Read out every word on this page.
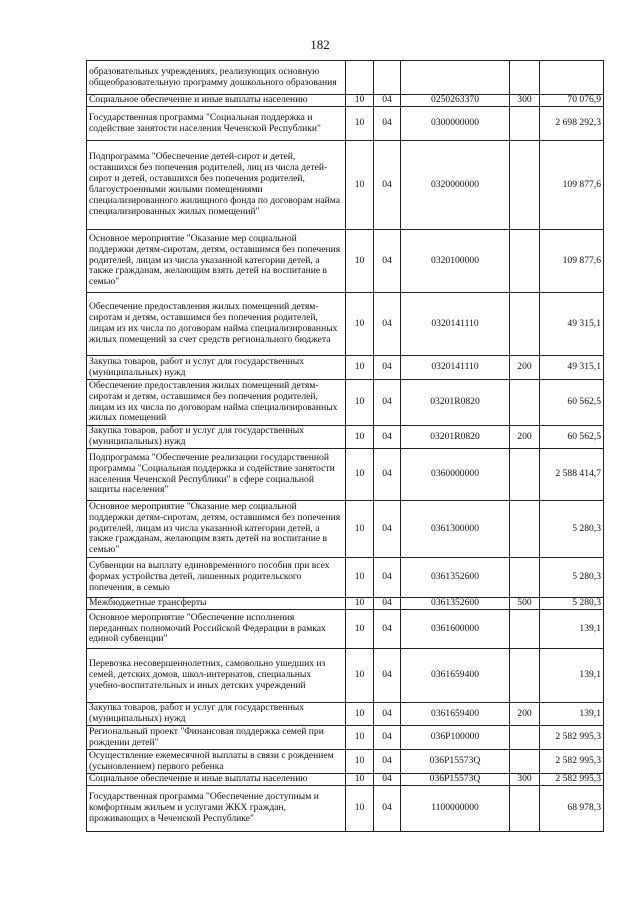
182
образовательных учреждениях, реализующих основную общеобразовательную программу дошкольного образования					
Социальное обеспечение и иные выплаты населению	10	04	0250263370	300	70 076,9
Государственная программа "Социальная поддержка и содействие занятости населения Чеченской Республики"	10	04	0300000000		2 698 292,3
Подпрограмма "Обеспечение детей-сирот и детей, оставшихся без попечения родителей, лиц из числа детей-сирот и детей, оставшихся без попечения родителей, благоустроенными жилыми помещениями специализированного жилищного фонда по договорам найма специализированных жилых помещений"	10	04	0320000000		109 877,6
Основное мероприятие "Оказание мер социальной поддержки детям-сиротам, детям, оставшимся без попечения родителей, лицам из числа указанной категории детей, а также гражданам, желающим взять детей на воспитание в семью"	10	04	0320100000		109 877,6
Обеспечение предоставления жилых помещений детям-сиротам и детям, оставшимся без попечения родителей, лицам из их числа по договорам найма специализированных жилых помещений за счет средств регионального бюджета	10	04	0320141110		49 315,1
Закупка товаров, работ и услуг для государственных (муниципальных) нужд	10	04	0320141110	200	49 315,1
Обеспечение предоставления жилых помещений детям-сиротам и детям, оставшимся без попечения родителей, лицам из их числа по договорам найма специализированных жилых помещений	10	04	03201R0820		60 562,5
Закупка товаров, работ и услуг для государственных (муниципальных) нужд	10	04	03201R0820	200	60 562,5
Подпрограмма "Обеспечение реализации государственной программы "Социальная поддержка и содействие занятости населения Чеченской Республики" в сфере социальной защиты населения"	10	04	0360000000		2 588 414,7
Основное мероприятие "Оказание мер социальной поддержки детям-сиротам, детям, оставшимся без попечения родителей, лицам из числа указанной категории детей, а также гражданам, желающим взять детей на воспитание в семью"	10	04	0361300000		5 280,3
Субвенции на выплату единовременного пособия при всех формах устройства детей, лишенных родительского попечения, в семью	10	04	0361352600		5 280,3
Межбюджетные трансферты	10	04	0361352600	500	5 280,3
Основное мероприятие "Обеспечение исполнения переданных полномочий Российской Федерации в рамках единой субвенции"	10	04	0361600000		139,1
Перевозка несовершеннолетних, самовольно ушедших из семей, детских домов, школ-интернатов, специальных учебно-воспитательных и иных детских учреждений	10	04	0361659400		139,1
Закупка товаров, работ и услуг для государственных (муниципальных) нужд	10	04	0361659400	200	139,1
Региональный проект "Финансовая поддержка семей при рождении детей"	10	04	036P100000		2 582 995,3
Осуществление ежемесячной выплаты в связи с рождением (усыновлением) первого ребенка	10	04	036P15573Q		2 582 995,3
Социальное обеспечение и иные выплаты населению	10	04	036P15573Q	300	2 582 995,3
Государственная программа "Обеспечение доступным и комфортным жильем и услугами ЖКХ граждан, проживающих в Чеченской Республике"	10	04	1100000000		68 978,3
